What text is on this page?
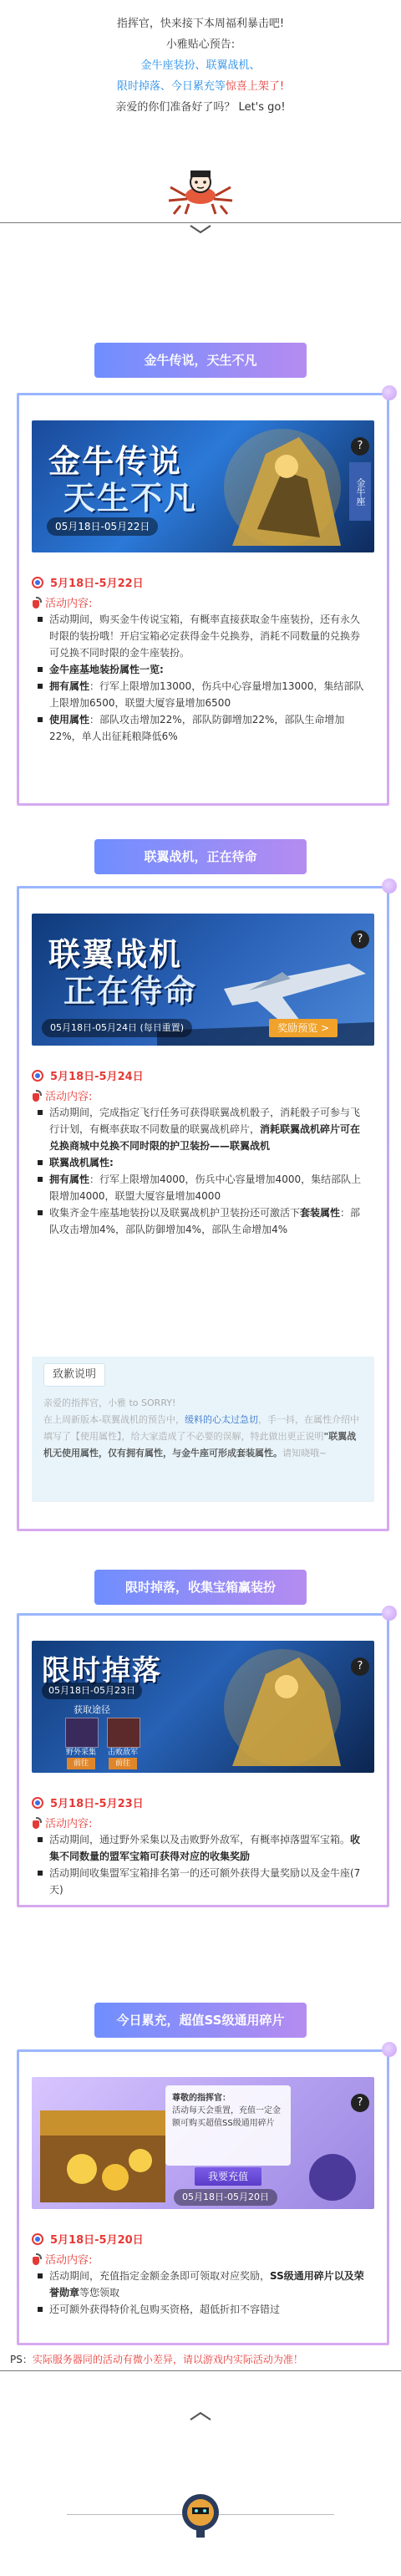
指挥官，快来接下本周福利暴击吧!
小雅贴心预告:
金牛座装扮、联翼战机、
限时掉落、今日累充等惊喜上架了!
亲爱的你们准备好了吗？ Let's go!
金牛传说
天生不凡
05月18日-05月22日
?
金牛座
5月18日-5月22日
活动内容:
活动期间，购买金牛传说宝箱，有概率直接获取金牛座装扮，还有永久时限的装扮哦！开启宝箱必定获得金牛兑换券，消耗不同数量的兑换券可兑换不同时限的金牛座装扮。
金牛座基地装扮属性一览:
拥有属性：行军上限增加13000，伤兵中心容量增加13000，集结部队上限增加6500，联盟大厦容量增加6500
使用属性：部队攻击增加22%，部队防御增加22%，部队生命增加22%，单人出征耗粮降低6%
金牛传说，天生不凡
联翼战机
正在待命
05月18日-05月24日 (每日重置)	奖励预览 >
?
5月18日-5月24日
活动内容:
活动期间，完成指定飞行任务可获得联翼战机骰子，消耗骰子可参与飞行计划，有概率获取不同数量的联翼战机碎片，消耗联翼战机碎片可在兑换商城中兑换不同时限的护卫装扮——联翼战机
联翼战机属性:
拥有属性：行军上限增加4000，伤兵中心容量增加4000，集结部队上限增加4000，联盟大厦容量增加4000
收集齐金牛座基地装扮以及联翼战机护卫装扮还可激活下套装属性：部队攻击增加4%，部队防御增加4%，部队生命增加4%
致歉说明
亲爱的指挥官，小雅 to SORRY!
在上周新版本-联翼战机的预告中，缓料的心太过急切，手一抖，在属性介绍中填写了【使用属性】，给大家造成了不必要的误解，特此做出更正说明"联翼战机无使用属性，仅有拥有属性，与金牛座可形成套装属性。请知晓哦~
联翼战机，正在待命
限时掉落
05月18日-05月23日
获取途径
野外采集	击败敌军
前往	前往
?
5月18日-5月23日
活动内容:
活动期间，通过野外采集以及击败野外敌军，有概率掉落盟军宝箱。收集不同数量的盟军宝箱可获得对应的收集奖励
活动期间收集盟军宝箱排名第一的还可额外获得大量奖励以及金牛座(7天)
限时掉落，收集宝箱赢装扮
尊敬的指挥官：
活动每天会重置，充值一定金额可购买超值SS级通用碎片
我要充值
05月18日-05月20日
?
5月18日-5月20日
活动内容:
活动期间，充值指定金额金条即可领取对应奖励，SS级通用碎片以及荣誉勋章等您领取
还可额外获得特价礼包购买资格，超低折扣不容错过
今日累充，超值SS级通用碎片
PS：实际服务器同的活动有微小差异，请以游戏内实际活动为准！
